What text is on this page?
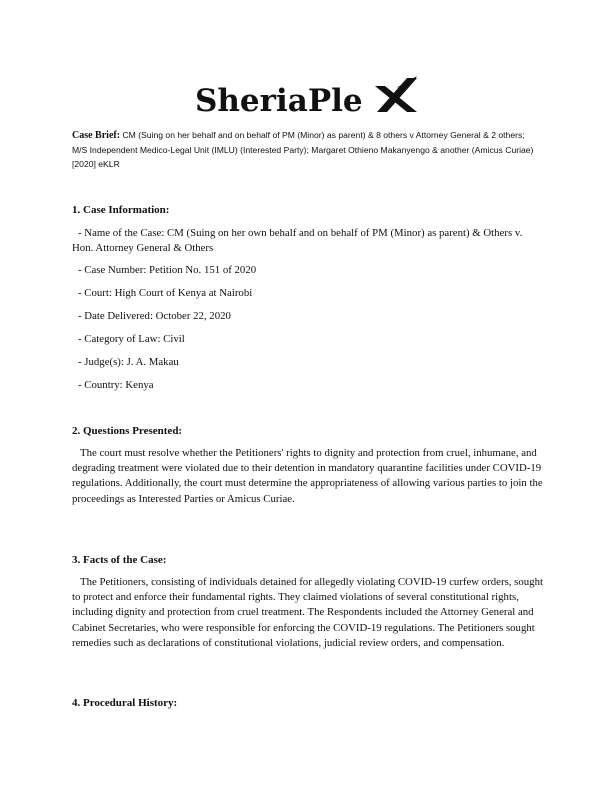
SheriaPle
Case Brief: CM (Suing on her behalf and on behalf of PM (Minor) as parent) & 8 others v Attorney General & 2 others; M/S Independent Medico-Legal Unit (IMLU) (Interested Party); Margaret Othieno Makanyengo & another (Amicus Curiae) [2020] eKLR
1. Case Information:
- Name of the Case: CM (Suing on her own behalf and on behalf of PM (Minor) as parent) & Others v. Hon. Attorney General & Others
- Case Number: Petition No. 151 of 2020
- Court: High Court of Kenya at Nairobi
- Date Delivered: October 22, 2020
- Category of Law: Civil
- Judge(s): J. A. Makau
- Country: Kenya
2. Questions Presented:
The court must resolve whether the Petitioners' rights to dignity and protection from cruel, inhumane, and degrading treatment were violated due to their detention in mandatory quarantine facilities under COVID-19 regulations. Additionally, the court must determine the appropriateness of allowing various parties to join the proceedings as Interested Parties or Amicus Curiae.
3. Facts of the Case:
The Petitioners, consisting of individuals detained for allegedly violating COVID-19 curfew orders, sought to protect and enforce their fundamental rights. They claimed violations of several constitutional rights, including dignity and protection from cruel treatment. The Respondents included the Attorney General and Cabinet Secretaries, who were responsible for enforcing the COVID-19 regulations. The Petitioners sought remedies such as declarations of constitutional violations, judicial review orders, and compensation.
4. Procedural History:
